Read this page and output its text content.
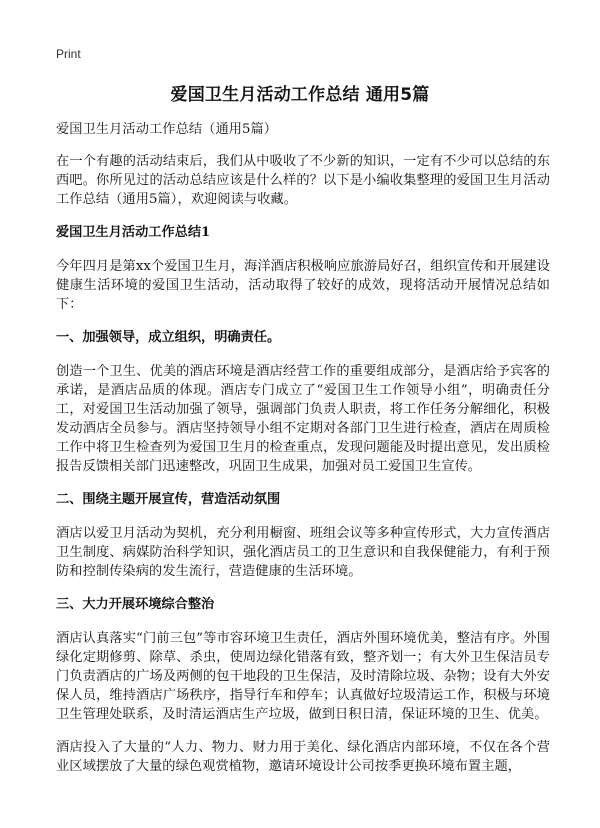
Print
爱国卫生月活动工作总结 通用5篇

爱国卫生月活动工作总结（通用5篇）

在一个有趣的活动结束后，我们从中吸收了不少新的知识，一定有不少可以总结的东西吧。你所见过的活动总结应该是什么样的？以下是小编收集整理的爱国卫生月活动工作总结（通用5篇），欢迎阅读与收藏。

爱国卫生月活动工作总结1

今年四月是第xx个爱国卫生月，海洋酒店积极响应旅游局好召，组织宣传和开展建设健康生活环境的爱国卫生活动，活动取得了较好的成效，现将活动开展情况总结如下：

一、加强领导，成立组织，明确责任。

创造一个卫生、优美的酒店环境是酒店经营工作的重要组成部分，是酒店给予宾客的承诺，是酒店品质的体现。酒店专门成立了“爱国卫生工作领导小组”，明确责任分工，对爱国卫生活动加强了领导，强调部门负责人职责，将工作任务分解细化，积极发动酒店全员参与。酒店坚持领导小组不定期对各部门卫生进行检查，酒店在周质检工作中将卫生检查列为爱国卫生月的检查重点，发现问题能及时提出意见，发出质检报告反馈相关部门迅速整改，巩固卫生成果，加强对员工爱国卫生宣传。

二、围绕主题开展宣传，营造活动氛围

酒店以爱卫月活动为契机，充分利用橱窗、班组会议等多种宣传形式，大力宣传酒店卫生制度、病媒防治科学知识，强化酒店员工的卫生意识和自我保健能力，有利于预防和控制传染病的发生流行，营造健康的生活环境。

三、大力开展环境综合整治

酒店认真落实“门前三包”等市容环境卫生责任，酒店外围环境优美，整洁有序。外围绿化定期修剪、除草、杀虫，使周边绿化错落有致，整齐划一；有大外卫生保洁员专门负责酒店的广场及两侧的包干地段的卫生保洁，及时清除垃圾、杂物；设有大外安保人员，维持酒店广场秩序，指导行车和停车；认真做好垃圾清运工作，积极与环境卫生管理处联系，及时清运酒店生产垃圾，做到日积日清，保证环境的卫生、优美。

酒店投入了大量的“人力、物力、财力用于美化、绿化酒店内部环境，不仅在各个营业区域摆放了大量的绿色观赏植物，邀请环境设计公司按季更换环境布置主题，
